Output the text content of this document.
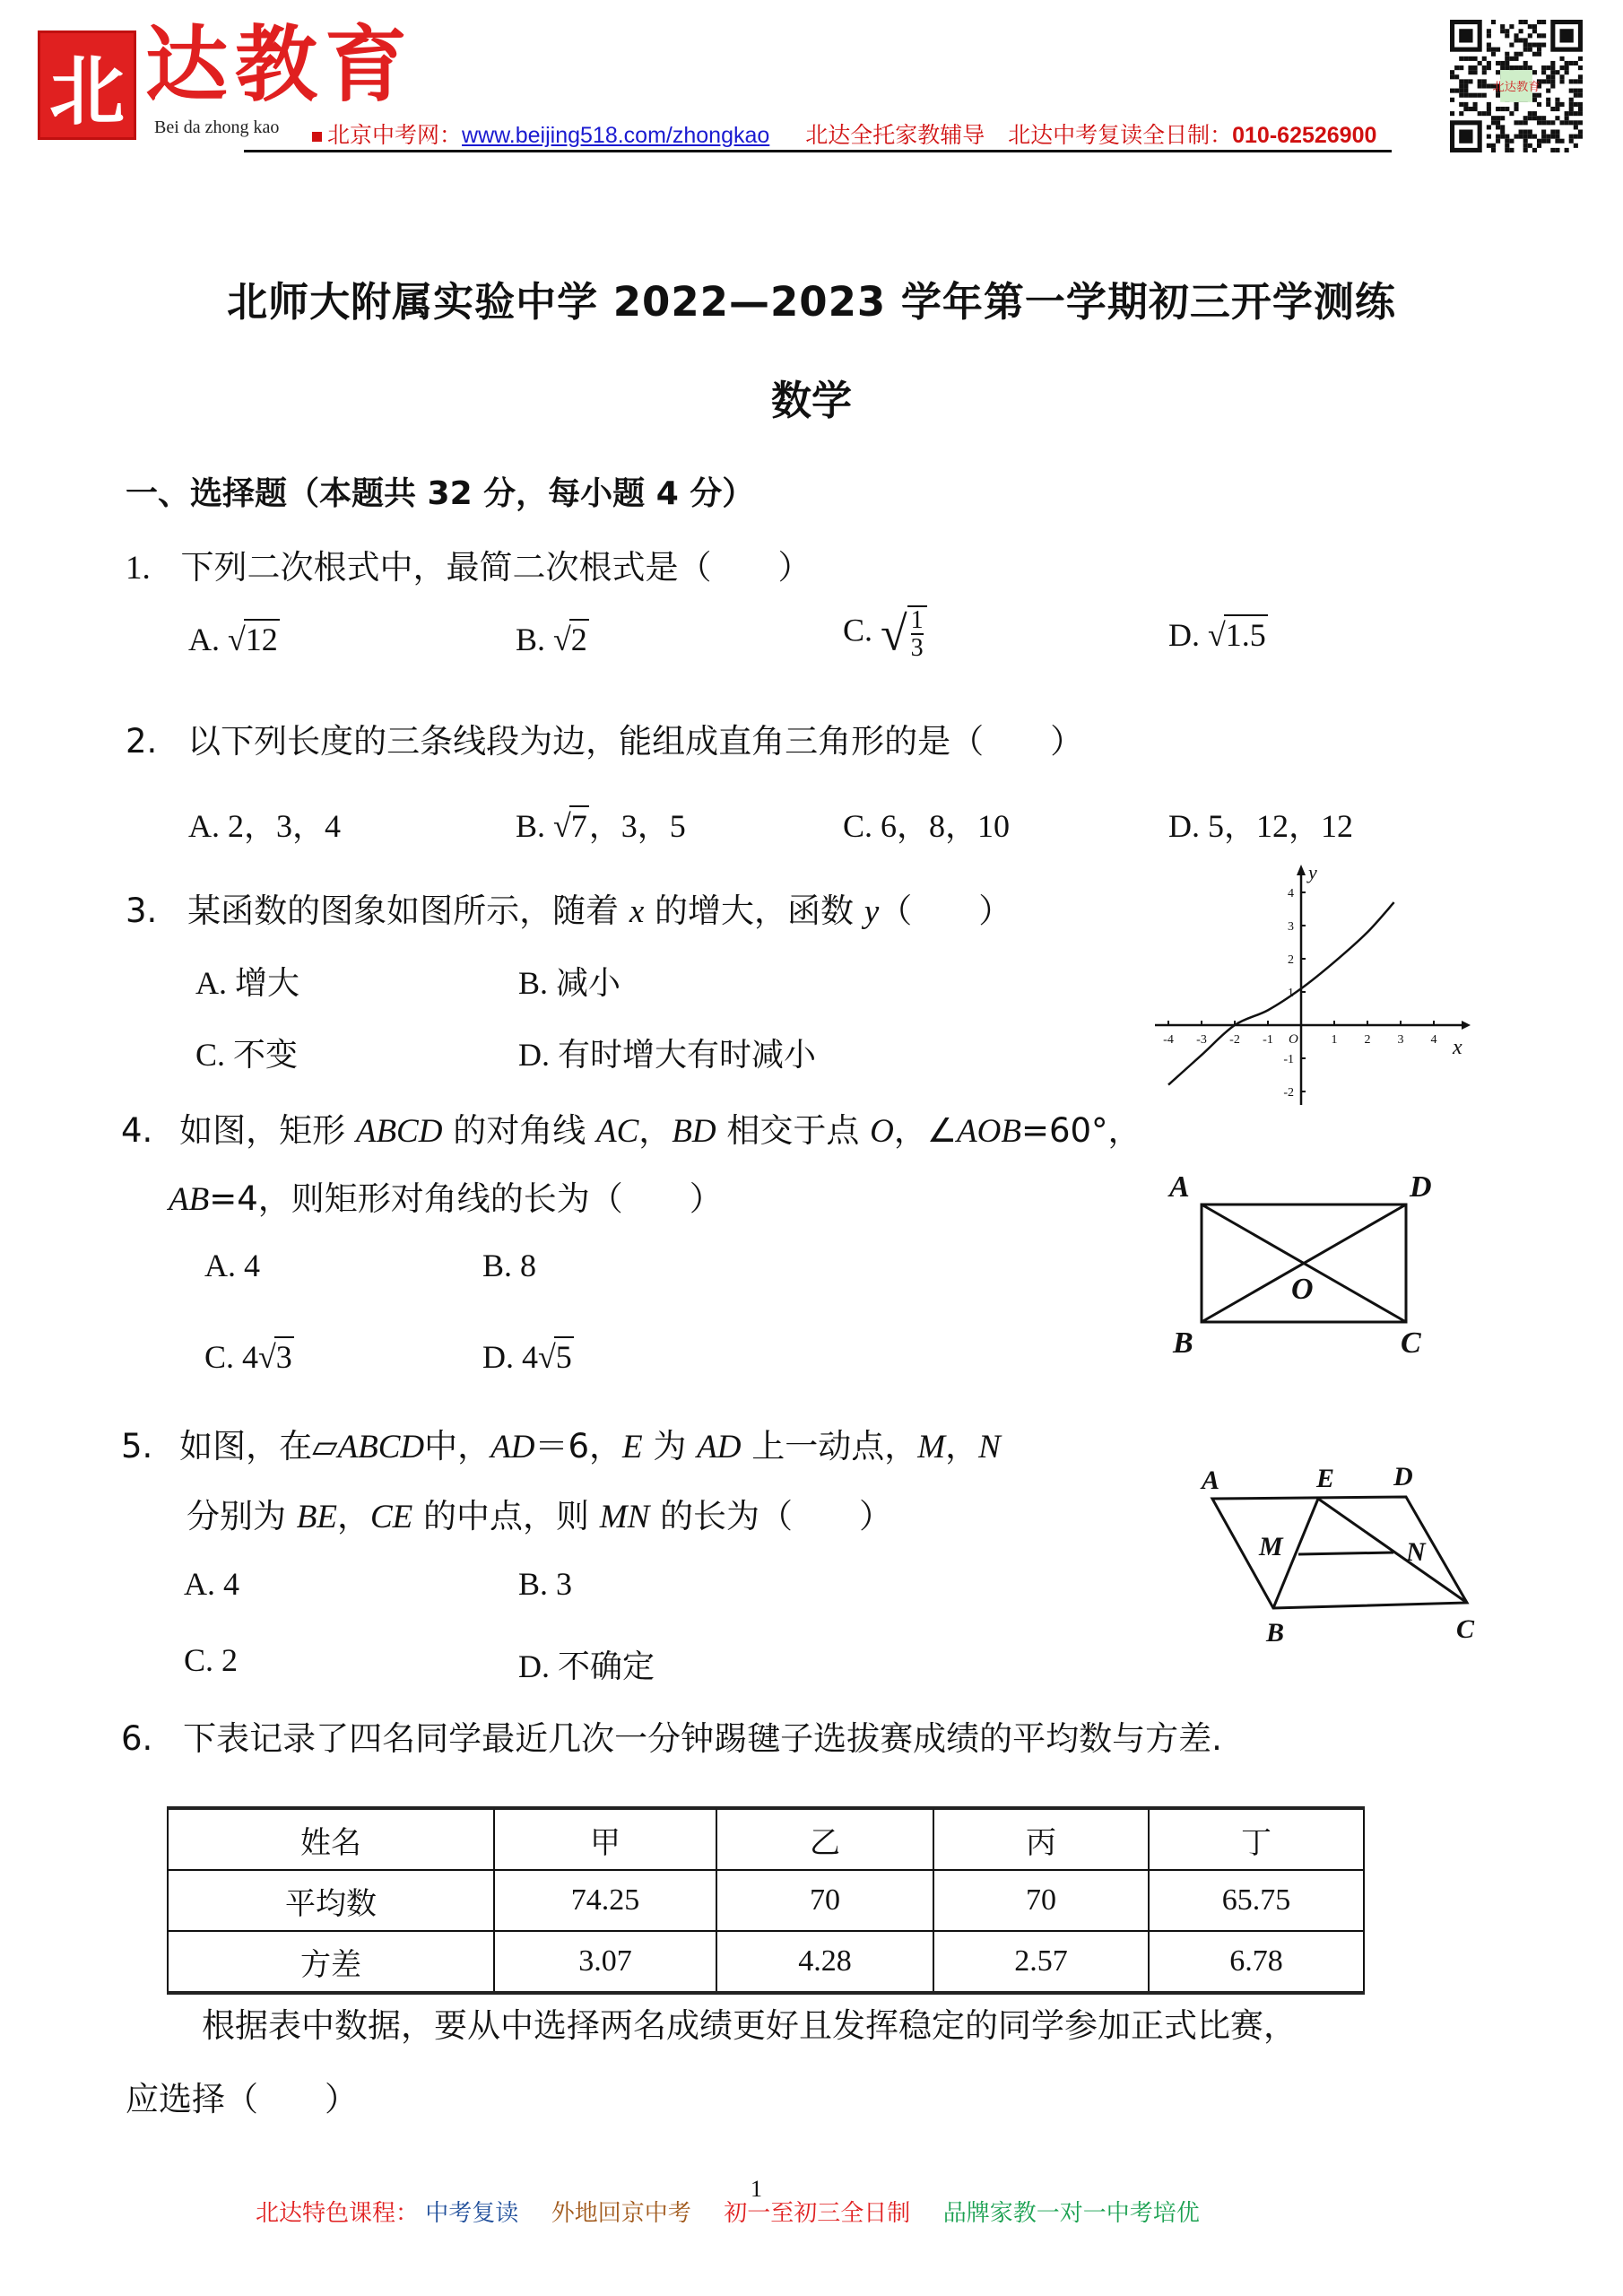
北 达教育
Bei da zhong kao	北京中考网：www.beijing518.com/zhongkao 北达全托家教辅导 北达中考复读全日制：010-62526900
北达教育
北师大附属实验中学 2022—2023 学年第一学期初三开学测练
数学
一、选择题（本题共 32 分，每小题 4 分）
1. 下列二次根式中，最简二次根式是（　　）
A. √12	B. √2	C. √ $\frac{1}{3}$	D. √1.5
2. 以下列长度的三条线段为边，能组成直角三角形的是（　　）
A. 2，3，4	B. √7，3，5	C. 6，8，10	D. 5，12，12
3. 某函数的图象如图所示，随着 x 的增大，函数 y（　　）
A. 增大	B. 减小
C. 不变	D. 有时增大有时减小	-4 -3 -2 -1	1 2 3 4
4
3
2
1
-1
-2
O	x
y
4. 如图，矩形 ABCD 的对角线 AC，BD 相交于点 O，∠AOB=60°，
AB=4，则矩形对角线的长为（　　）
A. 4	B. 8
C. 4√3	D. 4√5
A	D
B	C
O
5. 如图，在▱ABCD中，AD＝6，E 为 AD 上一动点，M，N
分别为 BE，CE 的中点，则 MN 的长为（　　）
A. 4	B. 3
C. 2	D. 不确定
A	E D
M	N
B	C
6. 下表记录了四名同学最近几次一分钟踢毽子选拔赛成绩的平均数与方差.
姓名	甲	乙	丙	丁
平均数	74.25	70	70	65.75
方差	3.07	4.28	2.57	6.78
根据表中数据，要从中选择两名成绩更好且发挥稳定的同学参加正式比赛，
应选择（　　）
1
北达特色课程： 中考复读 外地回京中考 初一至初三全日制 品牌家教一对一中考培优
